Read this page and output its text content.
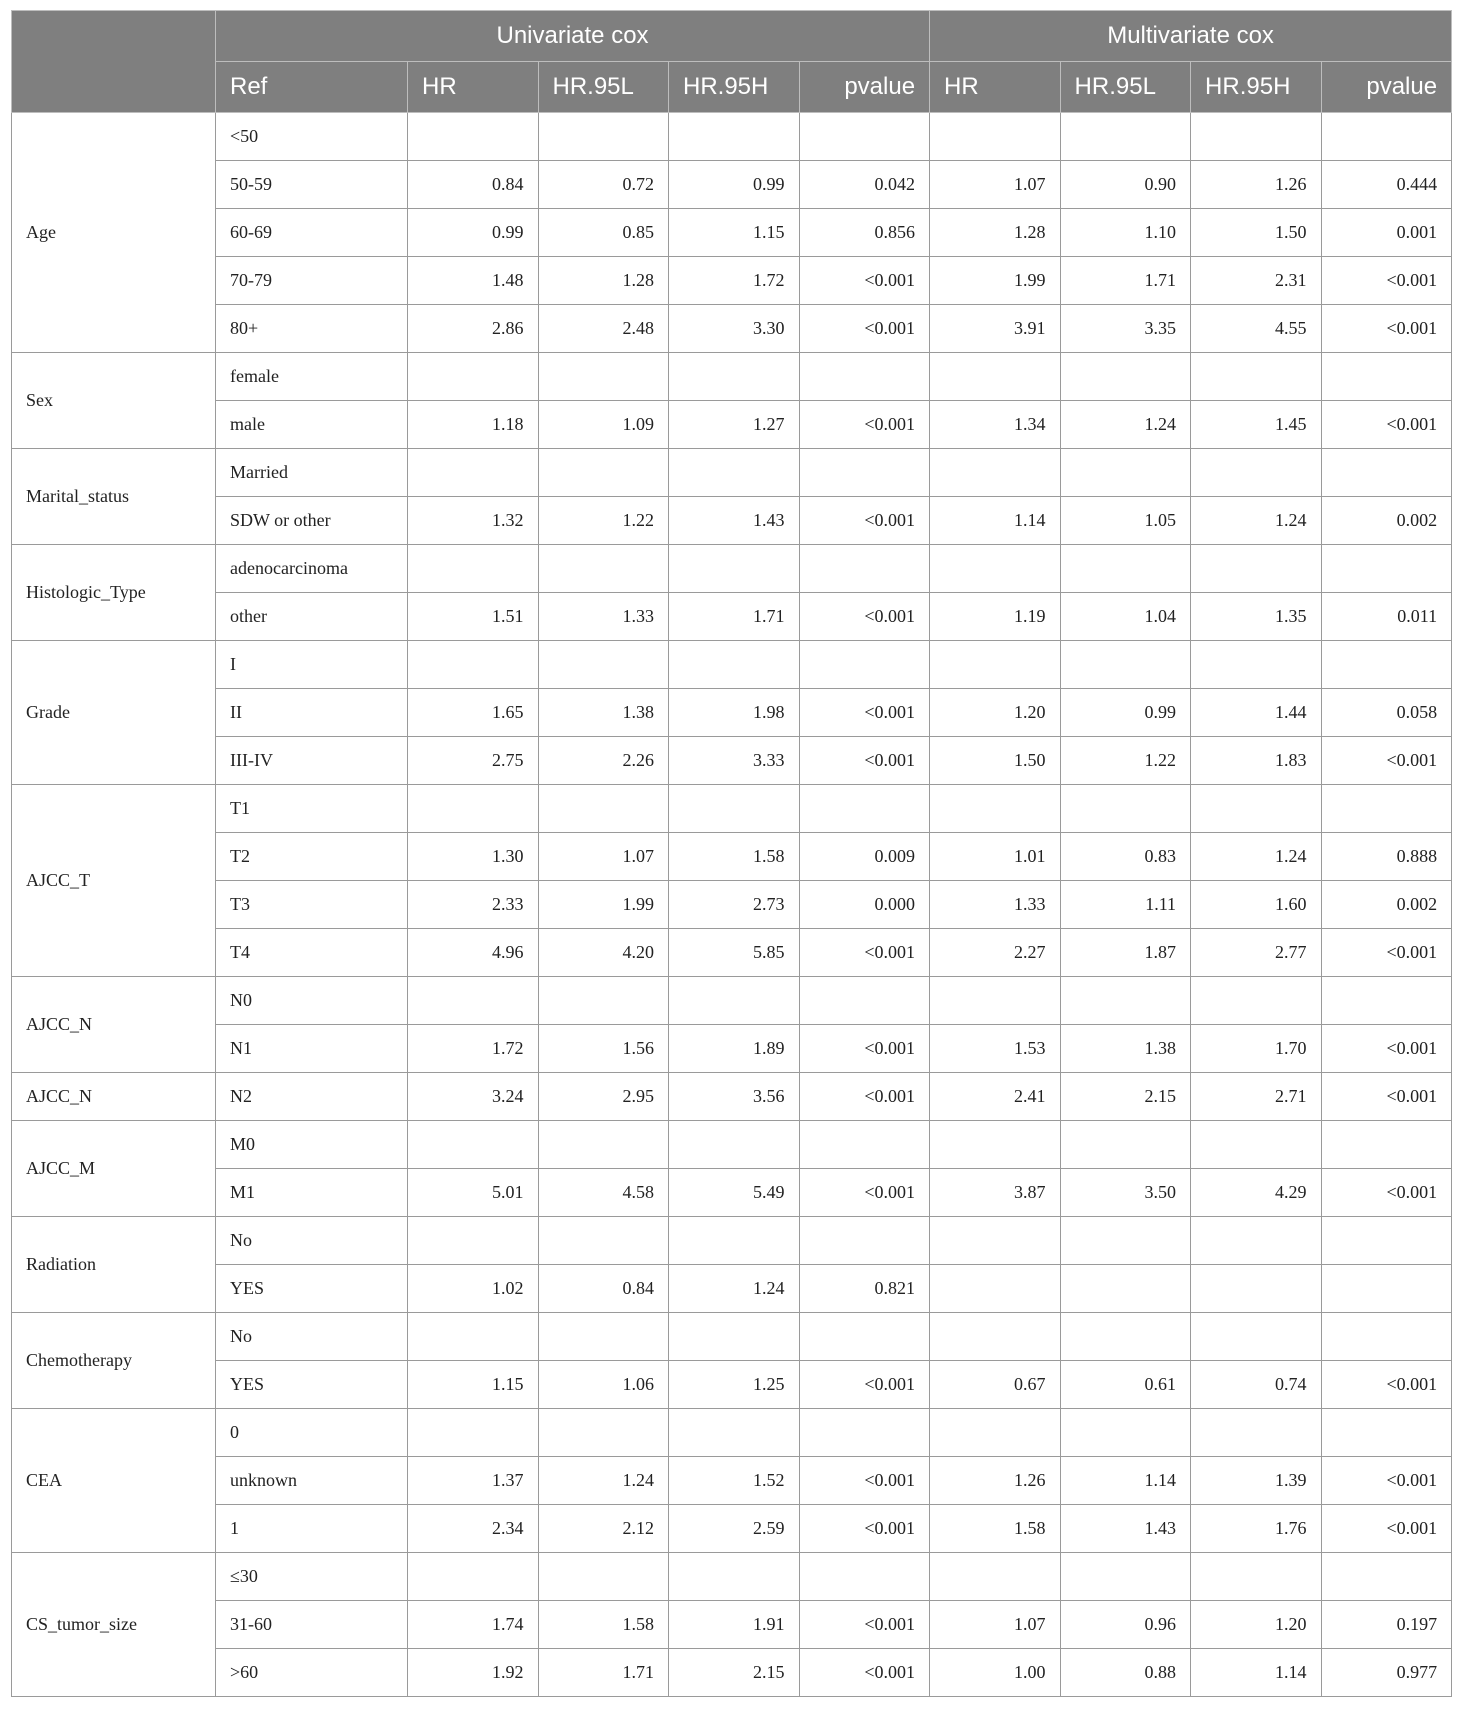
	Univariate cox					Multivariate cox			
	Ref	HR	HR.95L	HR.95H	pvalue	HR	HR.95L	HR.95H	pvalue
Age	<50								
	50-59	0.84	0.72	0.99	0.042	1.07	0.90	1.26	0.444
	60-69	0.99	0.85	1.15	0.856	1.28	1.10	1.50	0.001
	70-79	1.48	1.28	1.72	<0.001	1.99	1.71	2.31	<0.001
	80+	2.86	2.48	3.30	<0.001	3.91	3.35	4.55	<0.001
Sex	female								
	male	1.18	1.09	1.27	<0.001	1.34	1.24	1.45	<0.001
Marital_status	Married								
	SDW or other	1.32	1.22	1.43	<0.001	1.14	1.05	1.24	0.002
Histologic_Type	adenocarcinoma								
	other	1.51	1.33	1.71	<0.001	1.19	1.04	1.35	0.011
Grade	I								
	II	1.65	1.38	1.98	<0.001	1.20	0.99	1.44	0.058
	III-IV	2.75	2.26	3.33	<0.001	1.50	1.22	1.83	<0.001
AJCC_T	T1								
	T2	1.30	1.07	1.58	0.009	1.01	0.83	1.24	0.888
	T3	2.33	1.99	2.73	0.000	1.33	1.11	1.60	0.002
	T4	4.96	4.20	5.85	<0.001	2.27	1.87	2.77	<0.001
AJCC_N	N0								
	N1	1.72	1.56	1.89	<0.001	1.53	1.38	1.70	<0.001
AJCC_N	N2	3.24	2.95	3.56	<0.001	2.41	2.15	2.71	<0.001
AJCC_M	M0								
	M1	5.01	4.58	5.49	<0.001	3.87	3.50	4.29	<0.001
Radiation	No								
	YES	1.02	0.84	1.24	0.821				
Chemotherapy	No								
	YES	1.15	1.06	1.25	<0.001	0.67	0.61	0.74	<0.001
CEA	0								
	unknown	1.37	1.24	1.52	<0.001	1.26	1.14	1.39	<0.001
	1	2.34	2.12	2.59	<0.001	1.58	1.43	1.76	<0.001
CS_tumor_size	≤30								
	31-60	1.74	1.58	1.91	<0.001	1.07	0.96	1.20	0.197
	>60	1.92	1.71	2.15	<0.001	1.00	0.88	1.14	0.977
